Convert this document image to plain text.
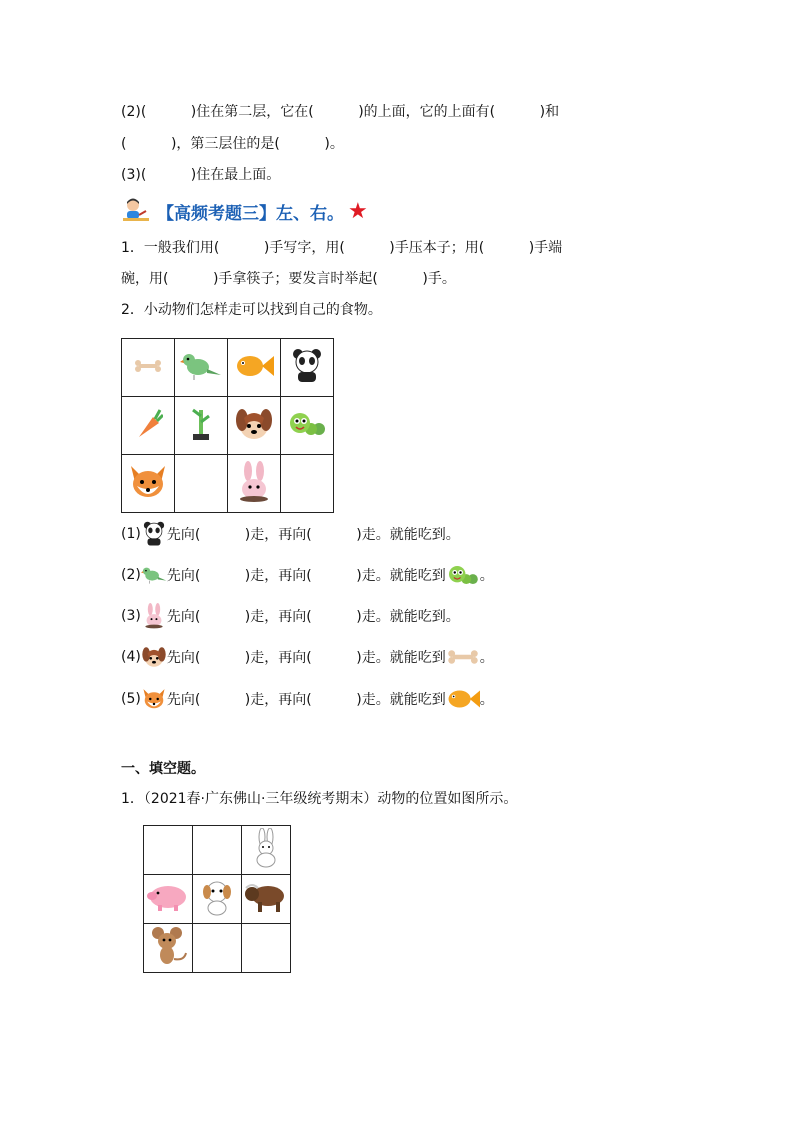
(2)(          )住在第二层，它在(          )的上面，它的上面有(          )和
(          )，第三层住的是(          )。
(3)(          )住在最上面。
【高频考题三】左、右。 ★
1．一般我们用(          )手写字，用(          )手压本子；用(          )手端
碗，用(          )手拿筷子；要发言时举起(          )手。
2．小动物们怎样走可以找到自己的食物。

(1) 先向(          )走，再向(          )走。就能吃到。
(2) 先向(          )走，再向(          )走。就能吃到 。
(3) 先向(          )走，再向(          )走。就能吃到。
(4) 先向(          )走，再向(          )走。就能吃到 。
(5) 先向(          )走，再向(          )走。就能吃到 。
一、填空题。
1．（2021春·广东佛山·三年级统考期末）动物的位置如图所示。
